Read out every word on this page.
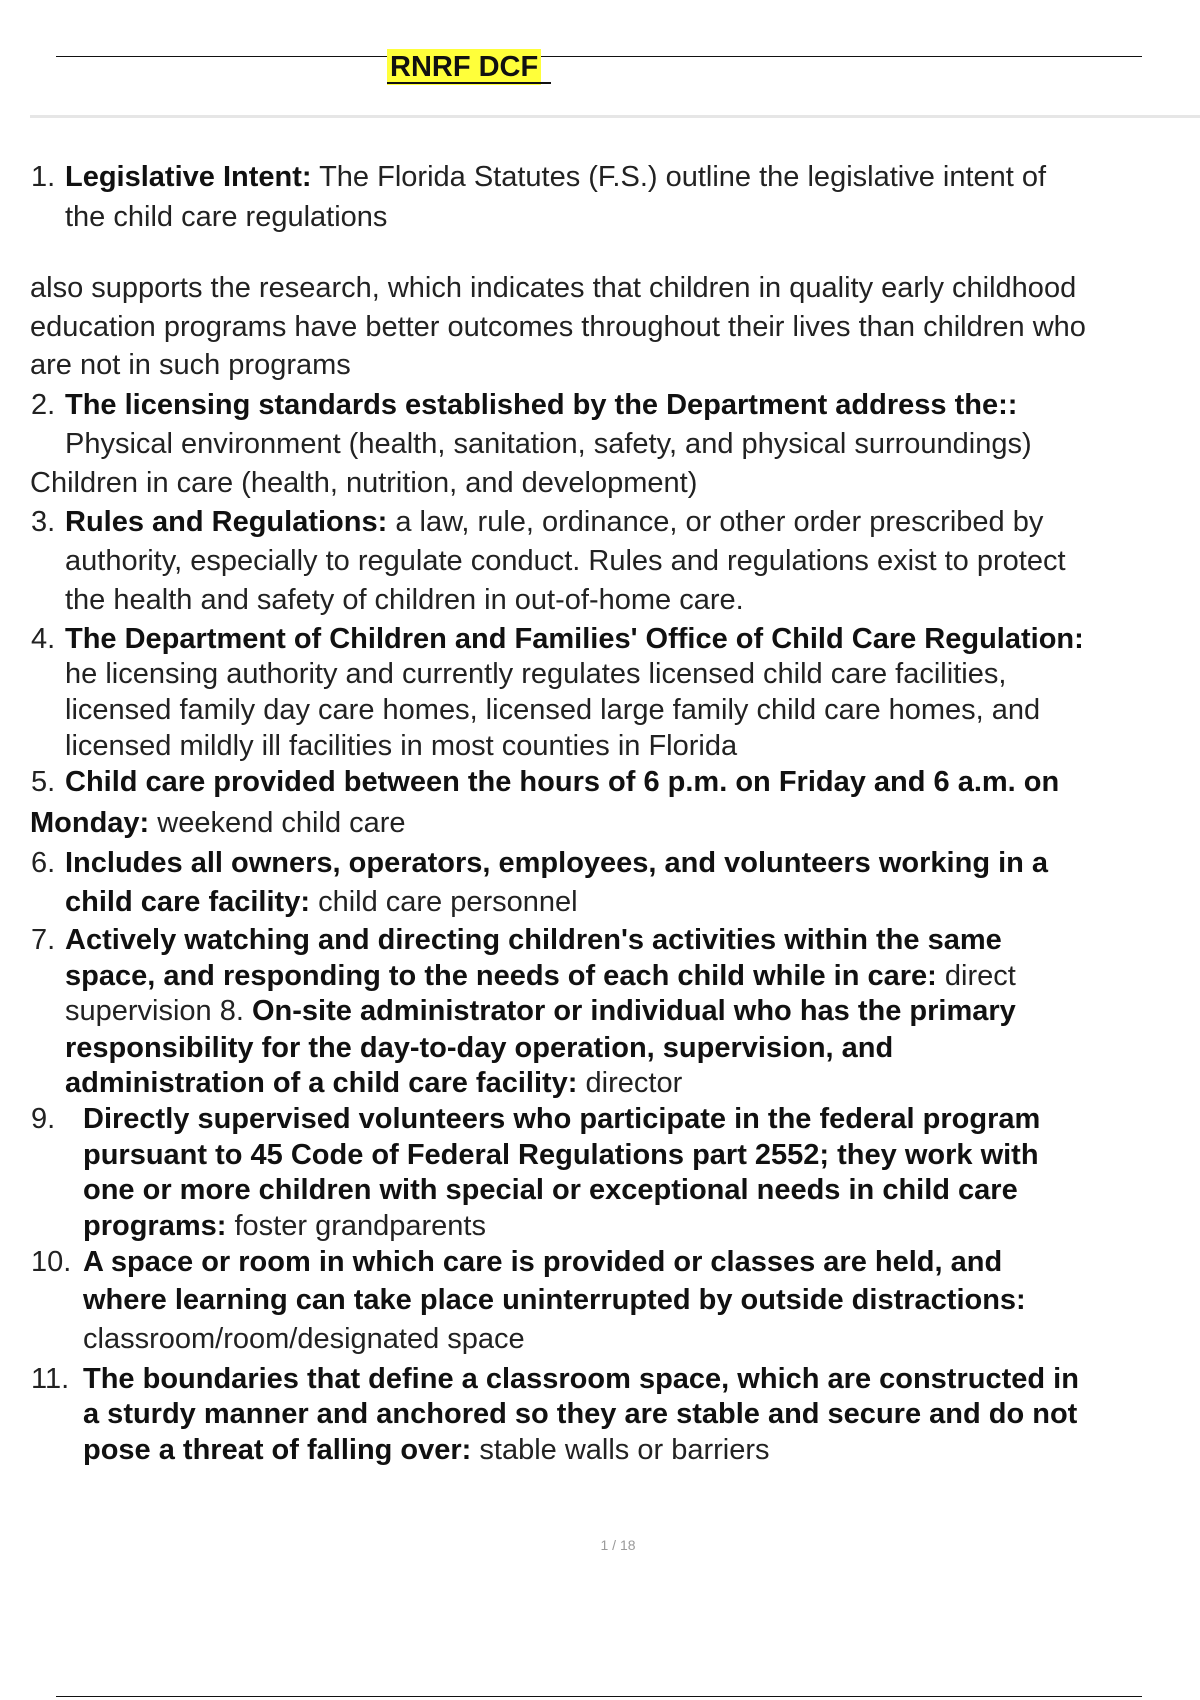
RNRF DCF
1. Legislative Intent: The Florida Statutes (F.S.) outline the legislative intent of
the child care regulations
also supports the research, which indicates that children in quality early childhood
education programs have better outcomes throughout their lives than children who
are not in such programs
2. The licensing standards established by the Department address the::
Physical environment (health, sanitation, safety, and physical surroundings)
Children in care (health, nutrition, and development)
3. Rules and Regulations: a law, rule, ordinance, or other order prescribed by
authority, especially to regulate conduct. Rules and regulations exist to protect
the health and safety of children in out-of-home care.
4. The Department of Children and Families' Office of Child Care Regulation:
he licensing authority and currently regulates licensed child care facilities,
licensed family day care homes, licensed large family child care homes, and
licensed mildly ill facilities in most counties in Florida
5. Child care provided between the hours of 6 p.m. on Friday and 6 a.m. on
Monday: weekend child care
6. Includes all owners, operators, employees, and volunteers working in a
child care facility: child care personnel
7. Actively watching and directing children's activities within the same
space, and responding to the needs of each child while in care: direct
supervision 8. On-site administrator or individual who has the primary
responsibility for the day-to-day operation, supervision, and
administration of a child care facility: director
9. Directly supervised volunteers who participate in the federal program
pursuant to 45 Code of Federal Regulations part 2552; they work with
one or more children with special or exceptional needs in child care
programs: foster grandparents
10. A space or room in which care is provided or classes are held, and
where learning can take place uninterrupted by outside distractions:
classroom/room/designated space
11. The boundaries that define a classroom space, which are constructed in
a sturdy manner and anchored so they are stable and secure and do not
pose a threat of falling over: stable walls or barriers
1 / 18
